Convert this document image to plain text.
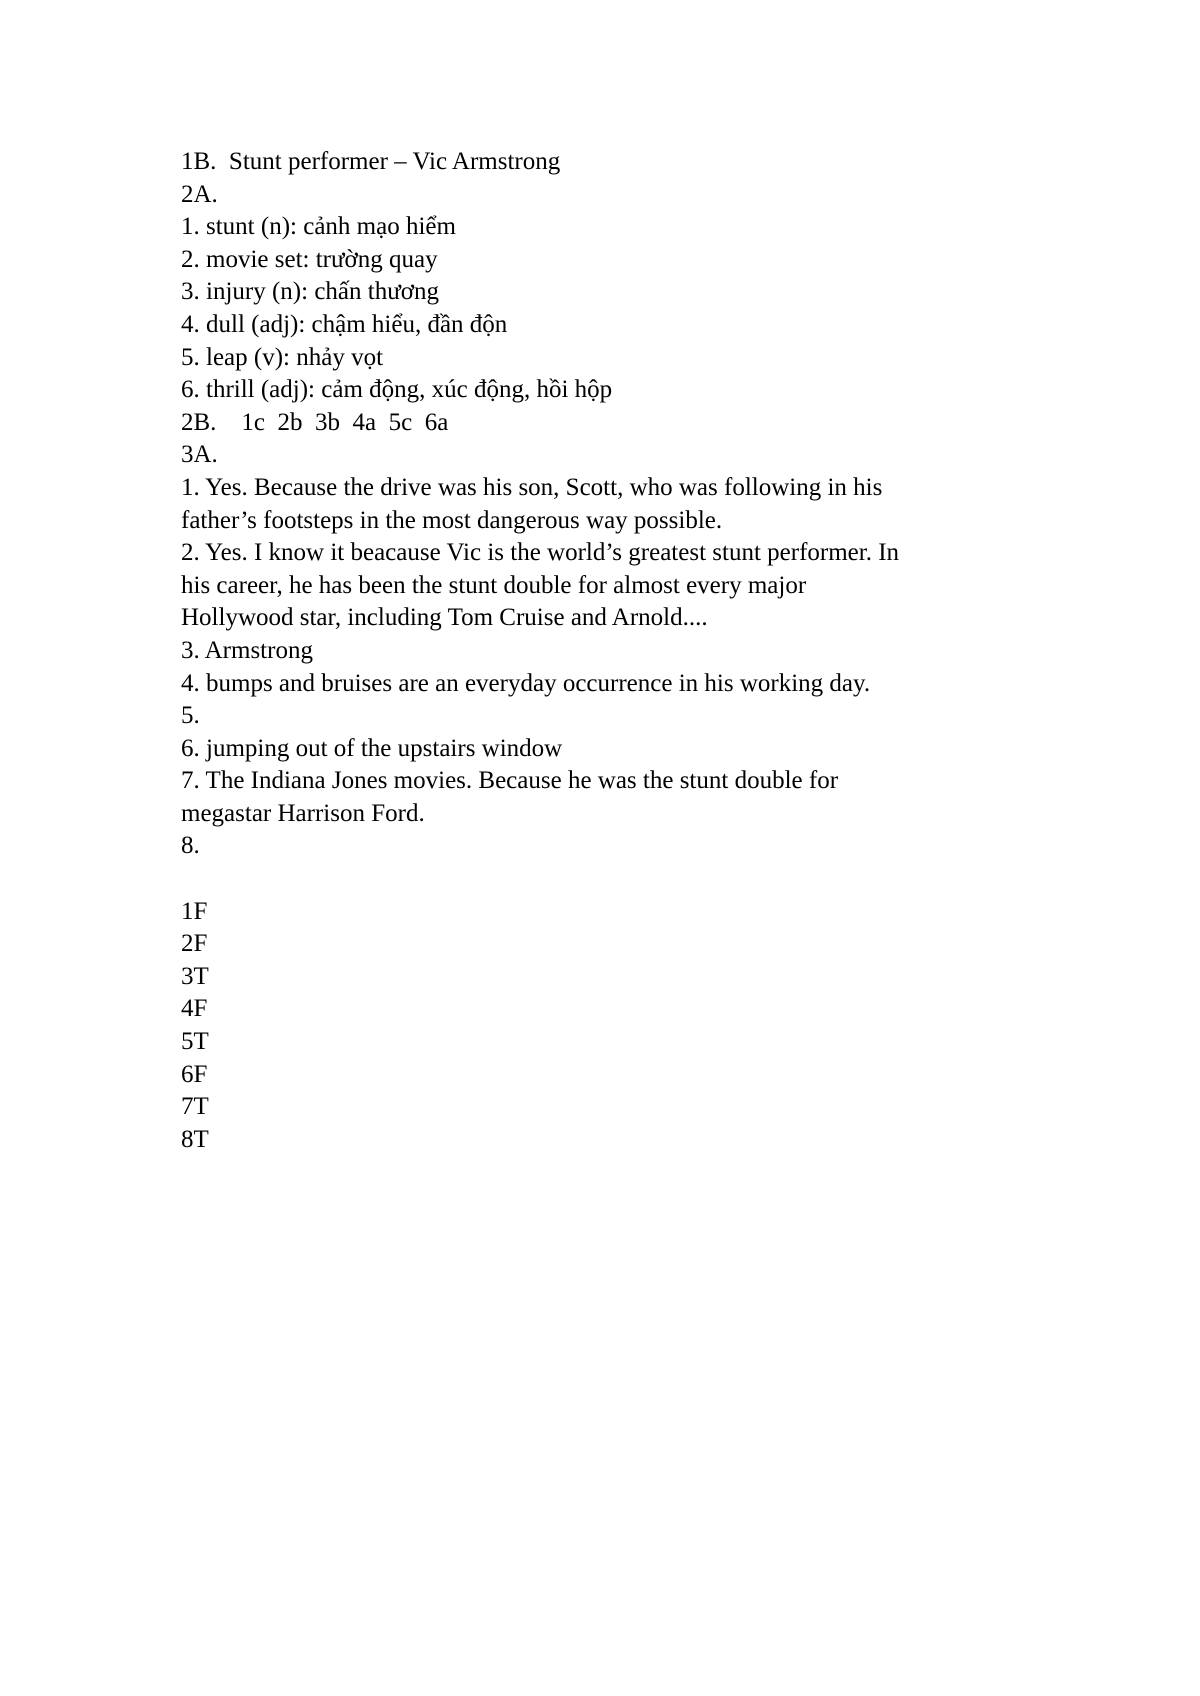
1B.  Stunt performer – Vic Armstrong
2A.
1. stunt (n): cảnh mạo hiểm
2. movie set: trường quay
3. injury (n): chấn thương
4. dull (adj): chậm hiểu, đần độn
5. leap (v): nhảy vọt
6. thrill (adj): cảm động, xúc động, hồi hộp
2B.    1c  2b  3b  4a  5c  6a
3A.
1. Yes. Because the drive was his son, Scott, who was following in his
father’s footsteps in the most dangerous way possible.
2. Yes. I know it beacause Vic is the world’s greatest stunt performer. In
his career, he has been the stunt double for almost every major
Hollywood star, including Tom Cruise and Arnold....
3. Armstrong
4. bumps and bruises are an everyday occurrence in his working day.
5.
6. jumping out of the upstairs window
7. The Indiana Jones movies. Because he was the stunt double for
megastar Harrison Ford.
8.
1F
2F
3T
4F
5T
6F
7T
8T
